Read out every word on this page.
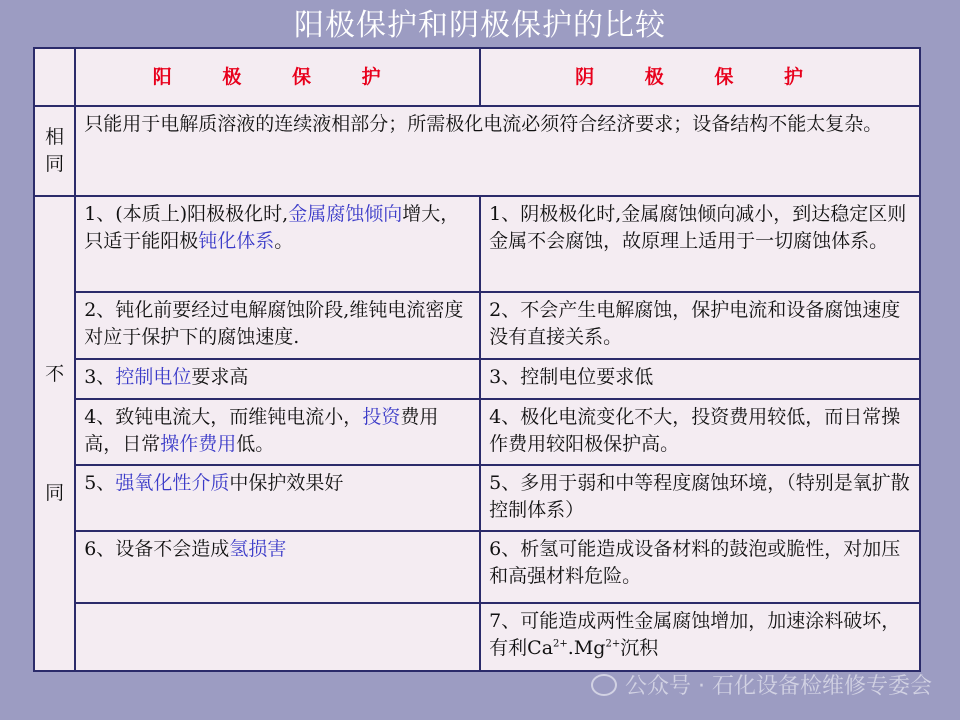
阳极保护和阴极保护的比较
	阳 极 保 护	阴 极 保 护

相
同	只能用于电解质溶液的连续液相部分；所需极化电流必须符合经济要求；设备结构不能太复杂。	

不
同	1、(本质上)阳极极化时,金属腐蚀倾向增大，只适于能阳极钝化体系。	1、阴极极化时,金属腐蚀倾向减小，到达稳定区则金属不会腐蚀，故原理上适用于一切腐蚀体系。
	2、钝化前要经过电解腐蚀阶段,维钝电流密度对应于保护下的腐蚀速度.	2、不会产生电解腐蚀，保护电流和设备腐蚀速度没有直接关系。
	3、控制电位要求高	3、控制电位要求低
	4、致钝电流大，而维钝电流小，投资费用高，日常操作费用低。	4、极化电流变化不大，投资费用较低，而日常操作费用较阳极保护高。
	5、强氧化性介质中保护效果好	5、多用于弱和中等程度腐蚀环境，（特别是氧扩散控制体系）
	6、设备不会造成氢损害	6、析氢可能造成设备材料的鼓泡或脆性，对加压和高强材料危险。
		7、可能造成两性金属腐蚀增加，加速涂料破坏，有利$Ca^{2+}.Mg^{2+}$沉积
公众号 · 石化设备检维修专委会
